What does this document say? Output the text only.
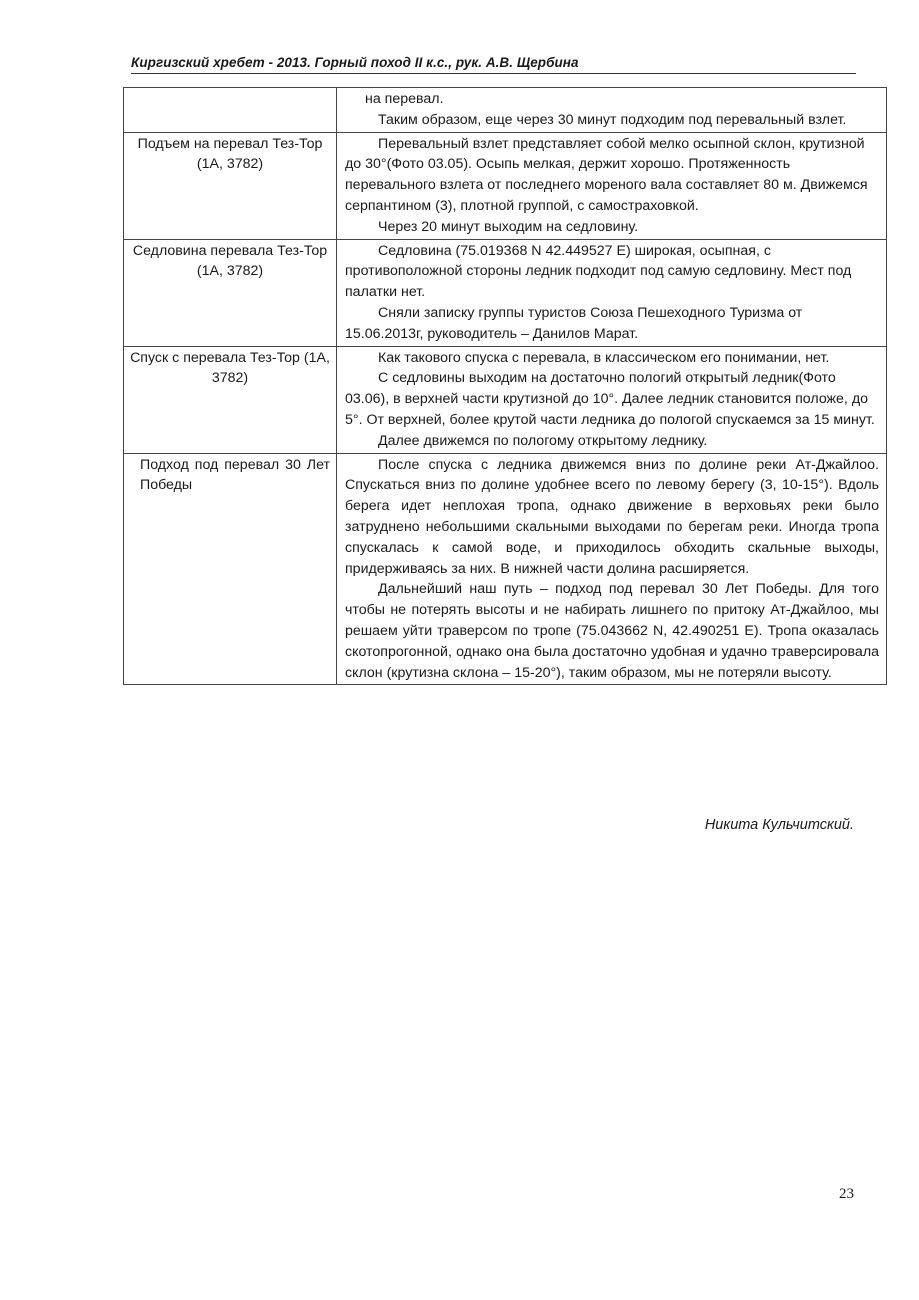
Киргизский хребет - 2013. Горный поход II к.с., рук. А.В. Щербина

	на перевал.

Таким образом, еще через 30 минут подходим под перевальный взлет.

Подъем на перевал Тез-Тор (1А, 3782)	Перевальный взлет представляет собой мелко осыпной склон, крутизной до 30°(Фото 03.05). Осыпь мелкая, держит хорошо. Протяженность перевального взлета от последнего мореного вала составляет 80 м. Движемся серпантином (3), плотной группой, с самостраховкой.

Через 20 минут выходим на седловину.

Седловина перевала Тез-Тор (1А, 3782)	Седловина (75.019368 N 42.449527 E) широкая, осыпная, с противоположной стороны ледник подходит под самую седловину. Мест под палатки нет.

Сняли записку группы туристов Союза Пешеходного Туризма от 15.06.2013г, руководитель – Данилов Марат.

Спуск с перевала Тез-Тор (1А, 3782)	Как такового спуска с перевала, в классическом его понимании, нет.

С седловины выходим на достаточно пологий открытый ледник(Фото 03.06), в верхней части крутизной до 10°. Далее ледник становится положе, до 5°. От верхней, более крутой части ледника до пологой спускаемся за 15 минут.

Далее движемся по пологому открытому леднику.

Подход под перевал 30 Лет Победы	После спуска с ледника движемся вниз по долине реки Ат-Джайлоо. Спускаться вниз по долине удобнее всего по левому берегу (3, 10-15°). Вдоль берега идет неплохая тропа, однако движение в верховьях реки было затруднено небольшими скальными выходами по берегам реки. Иногда тропа спускалась к самой воде, и приходилось обходить скальные выходы, придерживаясь за них. В нижней части долина расширяется.

Дальнейший наш путь – подход под перевал 30 Лет Победы. Для того чтобы не потерять высоты и не набирать лишнего по притоку Ат-Джайлоо, мы решаем уйти траверсом по тропе (75.043662 N, 42.490251 E). Тропа оказалась скотопрогонной, однако она была достаточно удобная и удачно траверсировала склон (крутизна склона – 15-20°), таким образом, мы не потеряли высоту.

Никита Кульчитский.
23
